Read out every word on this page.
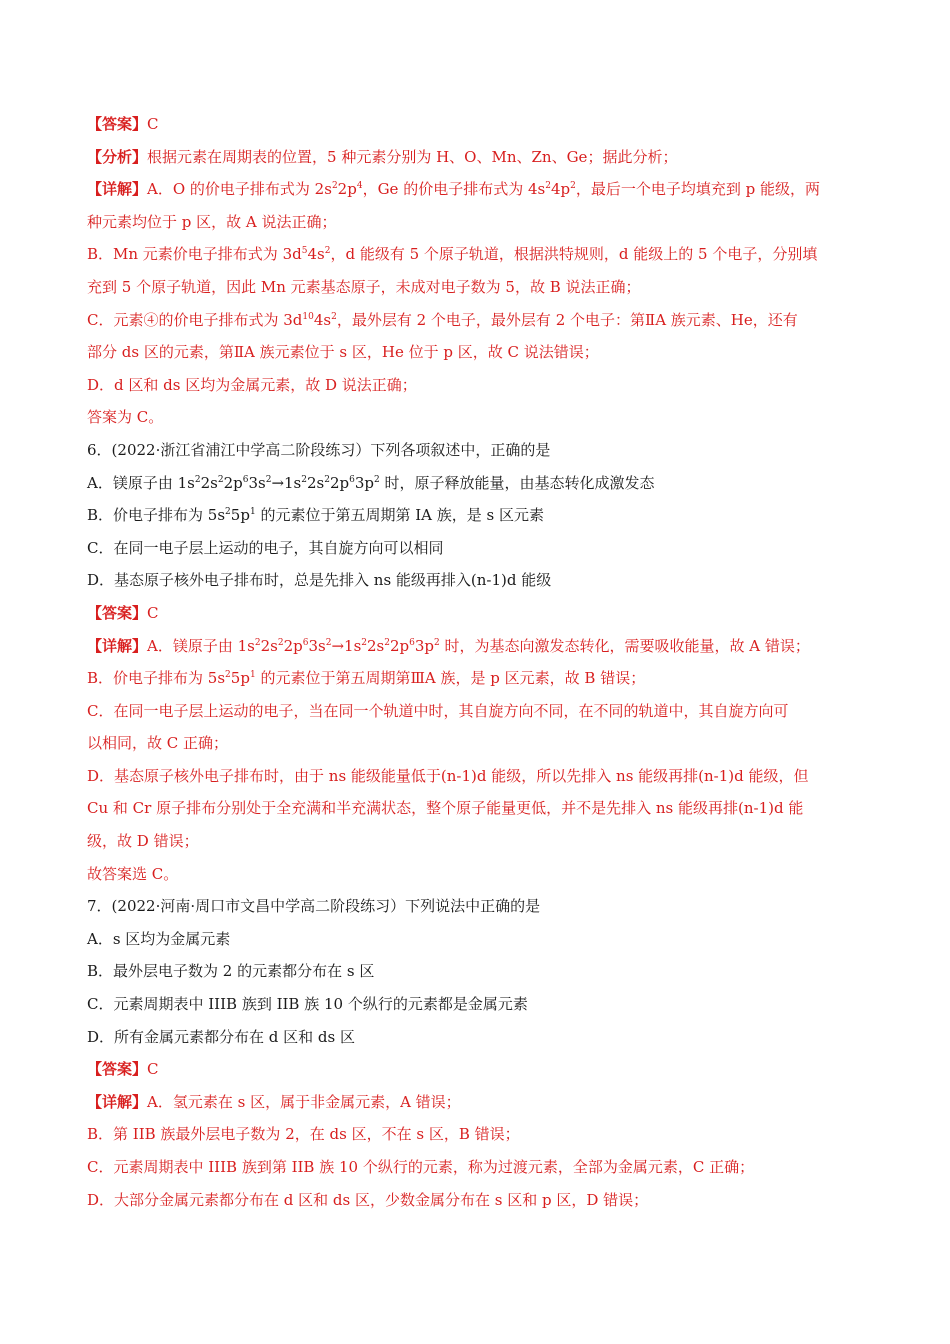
【答案】C
【分析】根据元素在周期表的位置，5 种元素分别为 H、O、Mn、Zn、Ge；据此分析；
【详解】A．O 的价电子排布式为 $2s^22p^4$，Ge 的价电子排布式为 $4s^24p^2$，最后一个电子均填充到 p 能级，两
种元素均位于 p 区，故 A 说法正确；
B．Mn 元素价电子排布式为 $3d^54s^2$，d 能级有 5 个原子轨道，根据洪特规则，d 能级上的 5 个电子，分别填
充到 5 个原子轨道，因此 Mn 元素基态原子，未成对电子数为 5，故 B 说法正确；
C．元素④的价电子排布式为 $3d^{10}4s^2$，最外层有 2 个电子，最外层有 2 个电子：第ⅡA 族元素、He，还有
部分 ds 区的元素，第ⅡA 族元素位于 s 区，He 位于 p 区，故 C 说法错误；
D．d 区和 ds 区均为金属元素，故 D 说法正确；
答案为 C。
6．(2022·浙江省浦江中学高二阶段练习）下列各项叙述中，正确的是
A．镁原子由 $1s^22s^22p^63s^2\to 1s^22s^22p^63p^2$ 时，原子释放能量，由基态转化成激发态
B．价电子排布为 $5s^25p^1$ 的元素位于第五周期第 IA 族，是 s 区元素
C．在同一电子层上运动的电子，其自旋方向可以相同
D．基态原子核外电子排布时，总是先排入 ns 能级再排入(n-1)d 能级
【答案】C
【详解】A．镁原子由 $1s^22s^22p^63s^2\to 1s^22s^22p^63p^2$ 时，为基态向激发态转化，需要吸收能量，故 A 错误；
B．价电子排布为 $5s^25p^1$ 的元素位于第五周期第ⅢA 族，是 p 区元素，故 B 错误；
C．在同一电子层上运动的电子，当在同一个轨道中时，其自旋方向不同，在不同的轨道中，其自旋方向可
以相同，故 C 正确；
D．基态原子核外电子排布时，由于 ns 能级能量低于(n-1)d 能级，所以先排入 ns 能级再排(n-1)d 能级，但
Cu 和 Cr 原子排布分别处于全充满和半充满状态，整个原子能量更低，并不是先排入 ns 能级再排(n-1)d 能
级，故 D 错误；
故答案选 C。
7．(2022·河南·周口市文昌中学高二阶段练习）下列说法中正确的是
A．s 区均为金属元素
B．最外层电子数为 2 的元素都分布在 s 区
C．元素周期表中 IIIB 族到 IIB 族 10 个纵行的元素都是金属元素
D．所有金属元素都分布在 d 区和 ds 区
【答案】C
【详解】A．氢元素在 s 区，属于非金属元素，A 错误；
B．第 IIB 族最外层电子数为 2，在 ds 区，不在 s 区，B 错误；
C．元素周期表中 IIIB 族到第 IIB 族 10 个纵行的元素，称为过渡元素，全部为金属元素，C 正确；
D．大部分金属元素都分布在 d 区和 ds 区，少数金属分布在 s 区和 p 区，D 错误；
